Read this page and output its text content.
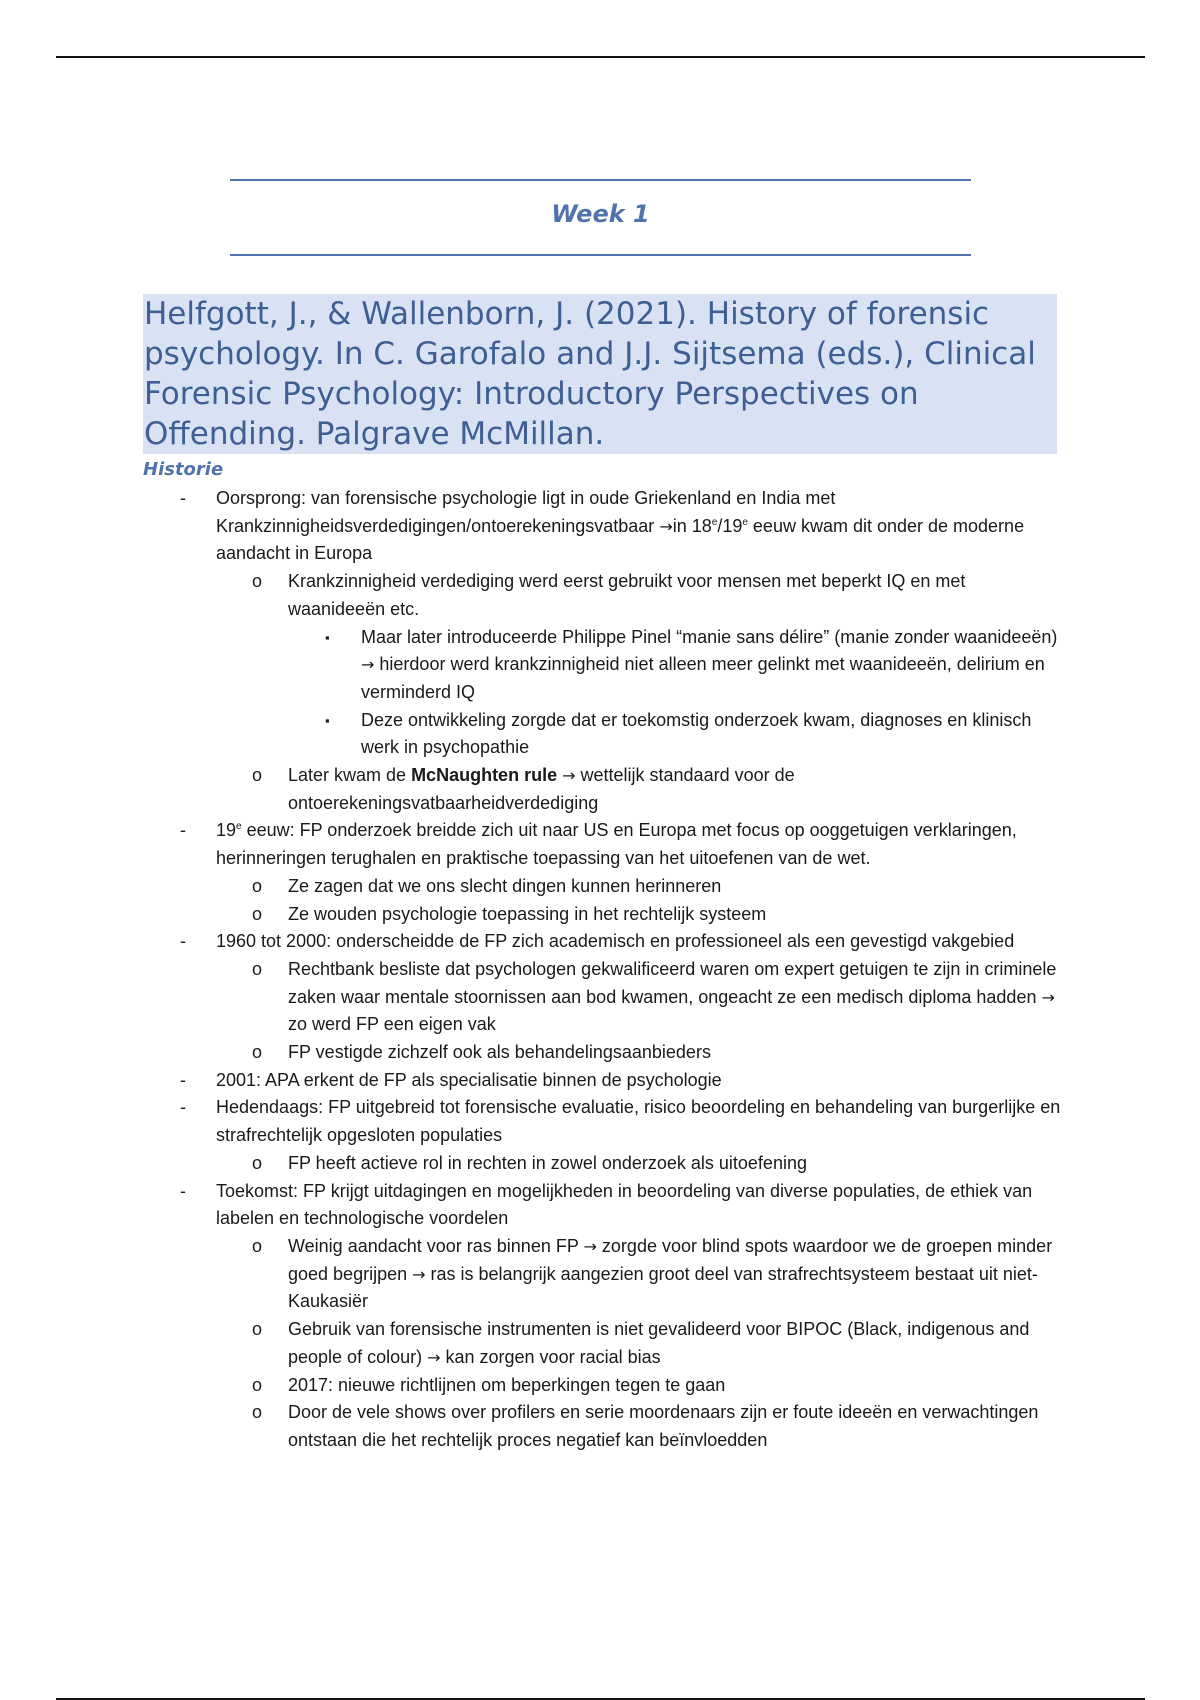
Week 1
Helfgott, J., & Wallenborn, J. (2021). History of forensic psychology. In C. Garofalo and J.J. Sijtsema (eds.), Clinical Forensic Psychology: Introductory Perspectives on Offending. Palgrave McMillan.
Historie
- Oorsprong: van forensische psychologie ligt in oude Griekenland en India met Krankzinnigheidsverdedigingen/ontoerekeningsvatbaar →in 18e/19e eeuw kwam dit onder de moderne aandacht in Europa
o Krankzinnigheid verdediging werd eerst gebruikt voor mensen met beperkt IQ en met waanideeën etc.
▪ Maar later introduceerde Philippe Pinel “manie sans délire” (manie zonder waanideeën) → hierdoor werd krankzinnigheid niet alleen meer gelinkt met waanideeën, delirium en verminderd IQ
▪ Deze ontwikkeling zorgde dat er toekomstig onderzoek kwam, diagnoses en klinisch werk in psychopathie
o Later kwam de McNaughten rule → wettelijk standaard voor de ontoerekeningsvatbaarheidverdediging
- 19e eeuw: FP onderzoek breidde zich uit naar US en Europa met focus op ooggetuigen verklaringen, herinneringen terughalen en praktische toepassing van het uitoefenen van de wet.
o Ze zagen dat we ons slecht dingen kunnen herinneren
o Ze wouden psychologie toepassing in het rechtelijk systeem
- 1960 tot 2000: onderscheidde de FP zich academisch en professioneel als een gevestigd vakgebied
o Rechtbank besliste dat psychologen gekwalificeerd waren om expert getuigen te zijn in criminele zaken waar mentale stoornissen aan bod kwamen, ongeacht ze een medisch diploma hadden → zo werd FP een eigen vak
o FP vestigde zichzelf ook als behandelingsaanbieders
- 2001: APA erkent de FP als specialisatie binnen de psychologie
- Hedendaags: FP uitgebreid tot forensische evaluatie, risico beoordeling en behandeling van burgerlijke en strafrechtelijk opgesloten populaties
o FP heeft actieve rol in rechten in zowel onderzoek als uitoefening
- Toekomst: FP krijgt uitdagingen en mogelijkheden in beoordeling van diverse populaties, de ethiek van labelen en technologische voordelen
o Weinig aandacht voor ras binnen FP → zorgde voor blind spots waardoor we de groepen minder goed begrijpen → ras is belangrijk aangezien groot deel van strafrechtsysteem bestaat uit niet-Kaukasiër
o Gebruik van forensische instrumenten is niet gevalideerd voor BIPOC (Black, indigenous and people of colour) → kan zorgen voor racial bias
o 2017: nieuwe richtlijnen om beperkingen tegen te gaan
o Door de vele shows over profilers en serie moordenaars zijn er foute ideeën en verwachtingen ontstaan die het rechtelijk proces negatief kan beïnvloedden
